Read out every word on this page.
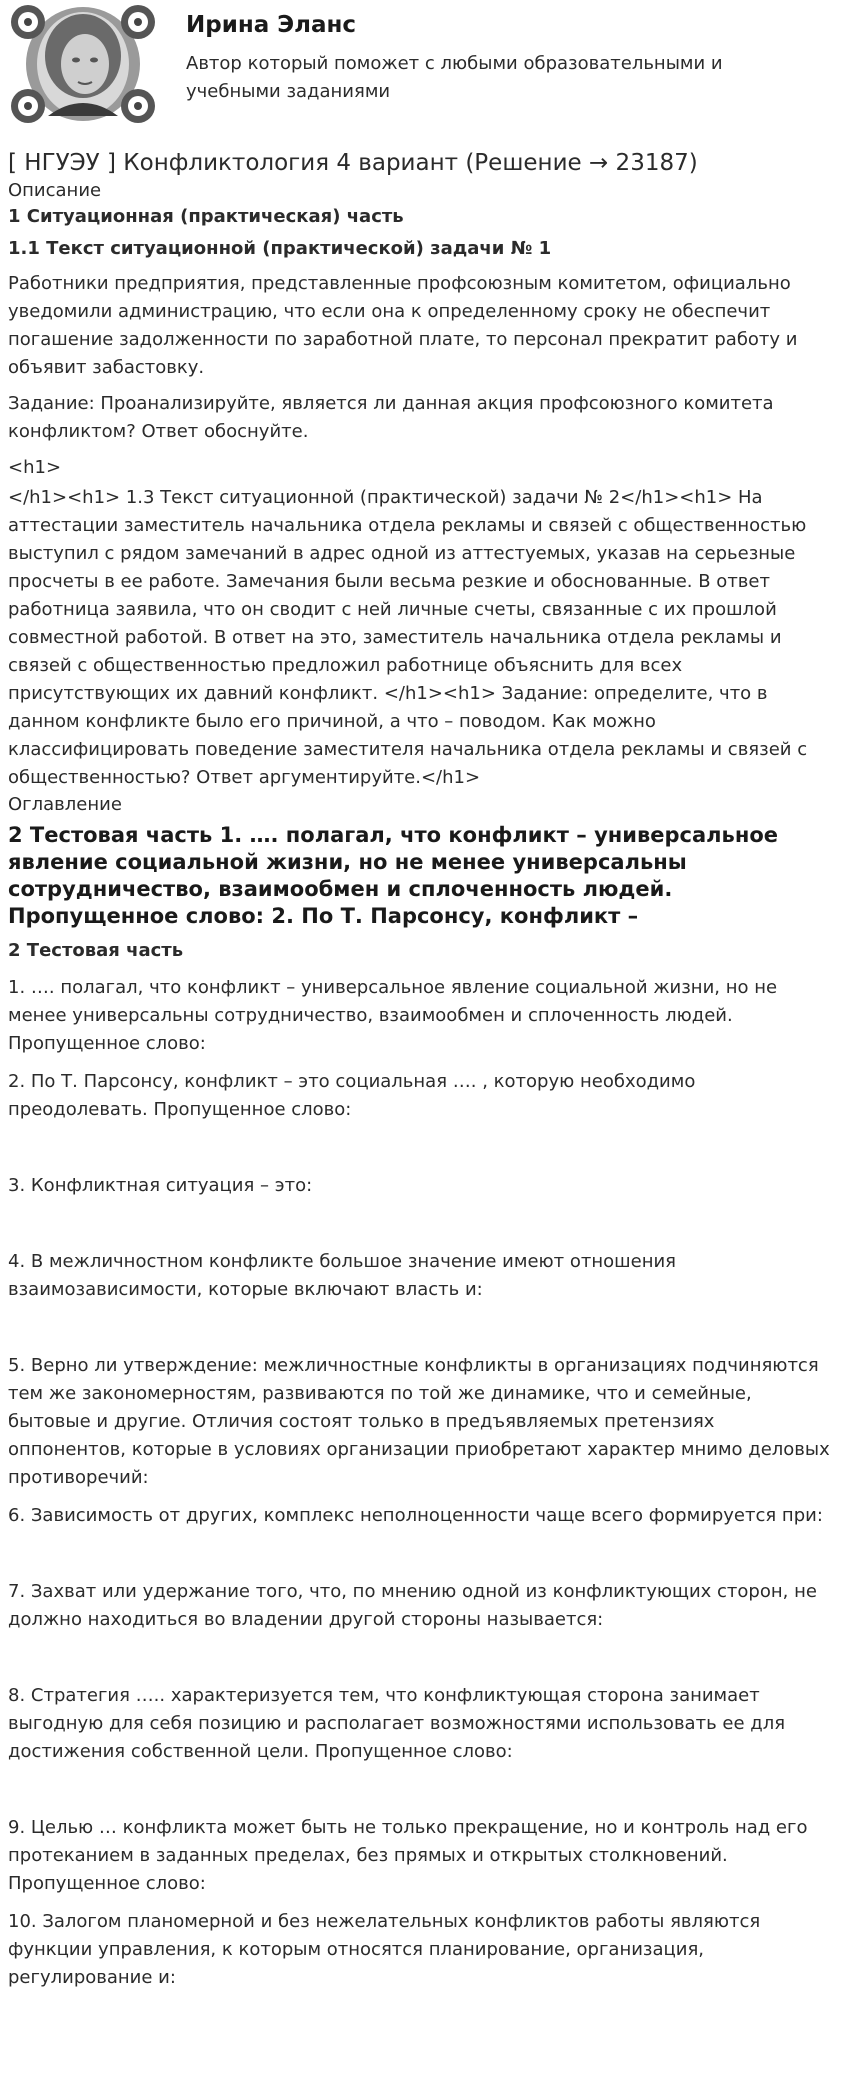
Ирина Эланс
Автор который поможет с любыми образовательными и учебными заданиями
[ НГУЭУ ] Конфликтология 4 вариант (Решение → 23187)
Описание
1 Ситуационная (практическая) часть
1.1 Текст ситуационной (практической) задачи № 1

Работники предприятия, представленные профсоюзным комитетом, официально уведомили администрацию, что если она к определенному сроку не обеспечит погашение задолженности по заработной плате, то персонал прекратит работу и объявит забастовку.

Задание: Проанализируйте, является ли данная акция профсоюзного комитета конфликтом? Ответ обоснуйте.

<h1>

</h1><h1> 1.3 Текст ситуационной (практической) задачи № 2</h1><h1> На аттестации заместитель начальника отдела рекламы и связей с общественностью выступил с рядом замечаний в адрес одной из аттестуемых, указав на серьезные просчеты в ее работе. Замечания были весьма резкие и обоснованные. В ответ работница заявила, что он сводит с ней личные счеты, связанные с их прошлой совместной работой. В ответ на это, заместитель начальника отдела рекламы и связей с общественностью предложил работнице объяснить для всех присутствующих их давний конфликт. </h1><h1> Задание: определите, что в данном конфликте было его причиной, а что – поводом. Как можно классифицировать поведение заместителя начальника отдела рекламы и связей с общественностью? Ответ аргументируйте.</h1>

Оглавление
2 Тестовая часть 1. …. полагал, что конфликт – универсальное явление социальной жизни, но не менее универсальны сотрудничество, взаимообмен и сплоченность людей. Пропущенное слово: 2. По Т. Парсонсу, конфликт –
2 Тестовая часть

1. …. полагал, что конфликт – универсальное явление социальной жизни, но не менее универсальны сотрудничество, взаимообмен и сплоченность людей. Пропущенное слово:

2. По Т. Парсонсу, конфликт – это социальная …. , которую необходимо преодолевать. Пропущенное слово:

3. Конфликтная ситуация – это:

4. В межличностном конфликте большое значение имеют отношения взаимозависимости, которые включают власть и:

5. Верно ли утверждение: межличностные конфликты в организациях подчиняются тем же закономерностям, развиваются по той же динамике, что и семейные, бытовые и другие. Отличия состоят только в предъявляемых претензиях оппонентов, которые в условиях организации приобретают характер мнимо деловых противоречий:

6. Зависимость от других, комплекс неполноценности чаще всего формируется при:

7. Захват или удержание того, что, по мнению одной из конфликтующих сторон, не должно находиться во владении другой стороны называется:

8. Стратегия ….. характеризуется тем, что конфликтующая сторона занимает выгодную для себя позицию и располагает возможностями использовать ее для достижения собственной цели. Пропущенное слово:

9. Целью … конфликта может быть не только прекращение, но и контроль над его протеканием в заданных пределах, без прямых и открытых столкновений. Пропущенное слово:

10. Залогом планомерной и без нежелательных конфликтов работы являются функции управления, к которым относятся планирование, организация, регулирование и:
